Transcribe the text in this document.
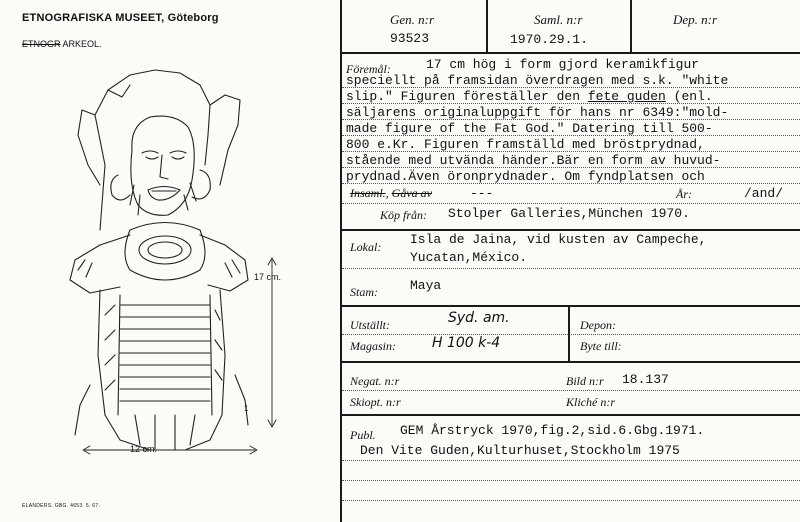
ETNOGRAFISKA MUSEET, Göteborg
ETNOGR ARKEOL.
17 cm.
12 cm.
1
ELANDERS. GBG. 4653. 5. 67.
Gen. n:r
93523
Saml. n:r
1970.29.1.
Dep. n:r
Föremål:	17 cm hög i form gjord keramikfigur
speciellt på framsidan överdragen med s.k. "white
slip." Figuren föreställer den fete guden (enl.
säljarens originaluppgift för hans nr 6349:"mold-
made figure of the Fat God." Datering till 500-
800 e.Kr. Figuren framställd med bröstprydnad,
stående med utvända händer.Bär en form av huvud-
prydnad.Även öronprydnader. Om fyndplatsen och
Insaml., Gåva av	---	År:	/and/
Köp från: Stolper Galleries,München 1970.
Lokal: Isla de Jaina, vid kusten av Campeche,
Yucatan,México.
Stam: Maya
Utställt:	Syd. am.
Magasin:	H 100 k-4
Depon:
Byte till:
Negat. n:r
Skiopt. n:r
Bild n:r 18.137
Kliché n:r
Publ. GEM Årstryck 1970,fig.2,sid.6.Gbg.1971.
Den Vite Guden,Kulturhuset,Stockholm 1975
